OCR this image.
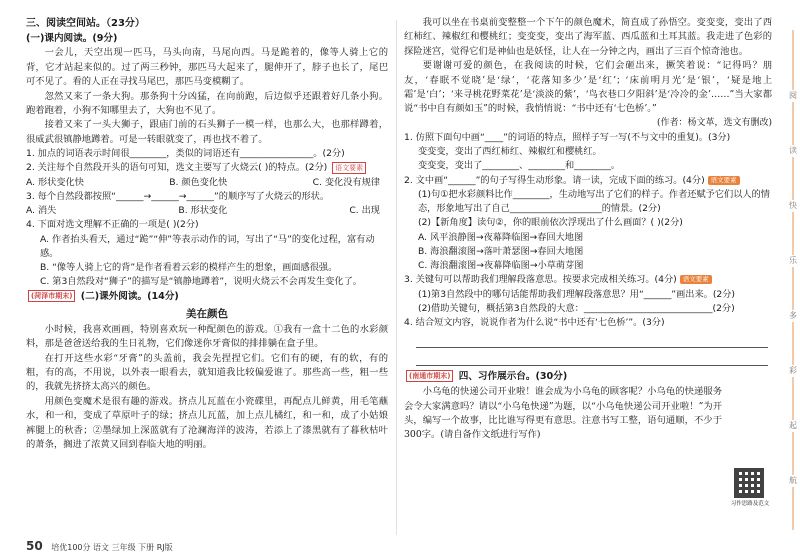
三、阅读空间站。（23分）
(一)课内阅读。(9分)
一会儿，天空出现一匹马，马头向南，马尾向西。马是跪着的，像等人骑上它的背，它才站起来似的。过了两三秒钟，那匹马大起来了，腿伸开了，脖子也长了，尾巴可不见了。看的人正在寻找马尾巴，那匹马变模糊了。
忽然又来了一条大狗。那条狗十分凶猛，在向前跑，后边似乎还跟着好几条小狗。跑着跑着，小狗不知哪里去了，大狗也不见了。
接着又来了一头大狮子，跟庙门前的石头狮子一模一样，也那么大，也那样蹲着，很威武很镇静地蹲着。可是一转眼就变了，再也找不着了。
1. 加点的词语表示时间很________，类似的词语还有________________。(2分)
2. 关注每个自然段开头的语句可知，选文主要写了火烧云( )的特点。(2分) 语文要素
A. 形状变化快	B. 颜色变化快	C. 变化没有规律
3. 每个自然段都按照“______→______→______”的顺序写了火烧云的形状。
A. 消失	B. 形状变化	C. 出现
4. 下面对选文理解不正确的一项是( )(2分)
A. 作者抬头看天，通过“跪”“伸”等表示动作的词，写出了“马”的变化过程，富有动感。
B. “像等人骑上它的背”是作者看着云彩的模样产生的想象，画面感很强。
C. 第3自然段对“狮子”的描写是“镇静地蹲着”，说明火烧云不会再发生变化了。
(菏泽市期末) (二)课外阅读。(14分)
美在颜色
小时候，我喜欢画画，特别喜欢玩一种配颜色的游戏。①我有一盒十二色的水彩颜料，那是爸爸送给我的生日礼物，它们像迷你牙膏似的排排躺在盒子里。
在打开这些水彩“牙膏”的头盖前，我会先捏捏它们。它们有的硬，有的软，有的粗，有的高，不用说，以外表一眼看去，就知道我比较偏爱谁了。那些高一些，粗一些的，我就先挤挤太高兴的颜色。
用颜色变魔术是很有趣的游戏。挤点儿瓦蓝在小瓷碟里，再配点儿鲜黄，用毛笔蘸水，和一和，变成了草原叶子的绿；挤点儿瓦蓝，加上点儿橘红，和一和，成了小姑娘裤腿上的秋香；②墨绿加上深蓝就有了沧澜海洋的波涛，若添上了漆黑就有了暮秋枯叶的萧条，搁进了浓黄又回到春临大地的明丽。
我可以坐在书桌前变整整一个下午的颜色魔术，简直成了孙悟空。变变变，变出了西红柿红、辣椒红和樱桃红；变变变，变出了海军蓝、西瓜蓝和土耳其蓝。我走进了色彩的探险迷宫，觉得它们是神仙也是妖怪，让人在一分钟之内，画出了三百个惊奇池也。
要谢谢可爱的颜色，在我阅读的时候，它们会砸出来，撅笑着说：“记得吗？朋友，‘春眠不觉晓’是‘绿’，‘花落知多少’是‘红’；‘床前明月光’是‘银’，‘疑是地上霜’是‘白’；‘来寻桃花野菜花’是‘淡淡的紫’，‘鸟衣巷口夕阳斜’是‘冷冷的金’……”当大家都说“书中自有颜如玉”的时候，我悄悄说：“书中还有‘七色桥’。”
(作者：杨文革，选文有删改)
1. 仿照下面句中画“____”的词语的特点，照样子写一写(不与文中的重复)。(3分)
变变变，变出了西红柿红、辣椒红和樱桃红。
变变变，变出了________、________和________。
2. 文中画“______”的句子写得生动形象。请一读，完成下面的练习。(4分) 语文要素
(1)句①把水彩颜料比作________，生动地写出了它们的样子。作者还赋予它们以人的情态，形象地写出了自己____________________的情景。(2分)
(2)【新角度】读句②，你的眼前依次浮现出了什么画面？( )(2分)
A. 风平浪静图→夜幕降临图→春回大地图
B. 海浪翻滚图→落叶萧瑟图→春回大地图
C. 海浪翻滚图→夜幕降临图→小草萌芽图
3. 关键句可以帮助我们理解段落意思。按要求完成相关练习。(4分) 语文要素
(1)第3自然段中的哪句话能帮助我们理解段落意思？用“______”画出来。(2分)
(2)借助关键句，概括第3自然段的大意：____________________________(2分)
4. 结合短文内容，说说作者为什么说“书中还有‘七色桥’”。(3分)
(南通市期末) 四、习作展示台。(30分)
小乌龟的快递公司开业啦！谁会成为小乌龟的顾客呢？小乌龟的快递服务会令大家满意吗？请以“小乌龟快递”为题，以“小乌龟快递公司开业啦！”为开头，编写一个故事，比比谁写得更有意思。注意书写工整，语句通顺，不少于300字。(请自备作文纸进行写作)
习作思路及范文
阅
读
快
乐
多
彩
起
航
50 培优100分 语文 三年级 下册 RJ版
